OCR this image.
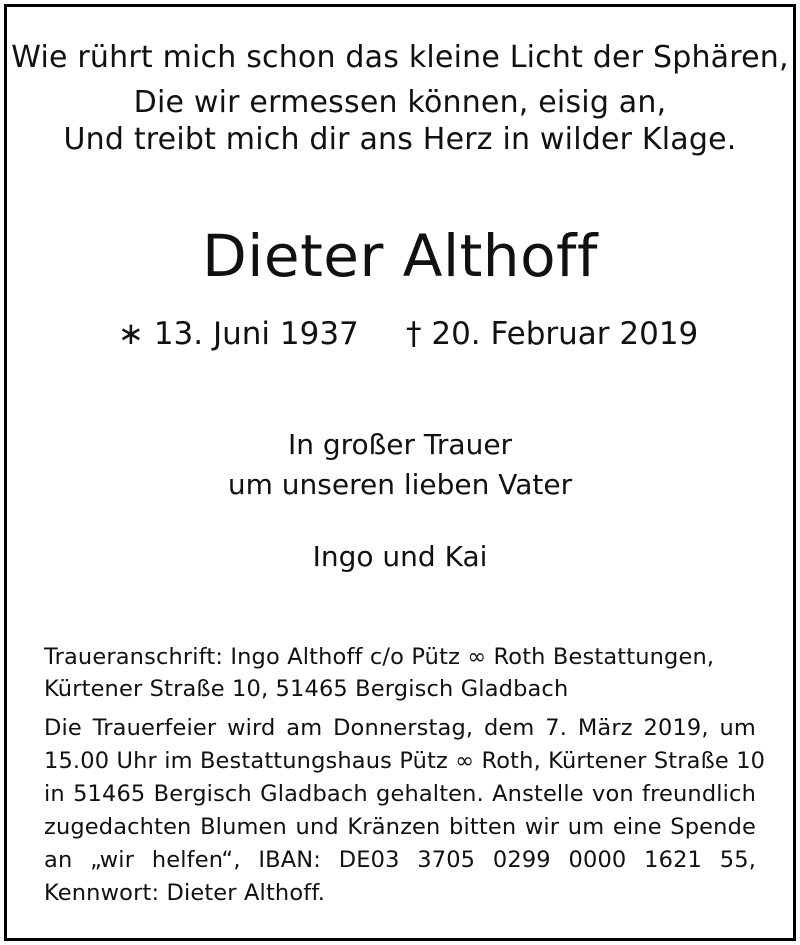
Wie rührt mich schon das kleine Licht der Sphären,
Die wir ermessen können, eisig an,
Und treibt mich dir ans Herz in wilder Klage.
Dieter Althoff
∗ 13. Juni 1937 † 20. Februar 2019
In großer Trauer
um unseren lieben Vater
Ingo und Kai
Traueranschrift: Ingo Althoff c/o Pütz ∞ Roth Bestattungen,
Kürtener Straße 10, 51465 Bergisch Gladbach
Die Trauerfeier wird am Donnerstag, dem 7. März 2019, um
15.00 Uhr im Bestattungshaus Pütz ∞ Roth, Kürtener Straße 10
in 51465 Bergisch Gladbach gehalten. Anstelle von freundlich
zugedachten Blumen und Kränzen bitten wir um eine Spende
an „wir helfen“, IBAN: DE03 3705 0299 0000 1621 55,
Kennwort: Dieter Althoff.
